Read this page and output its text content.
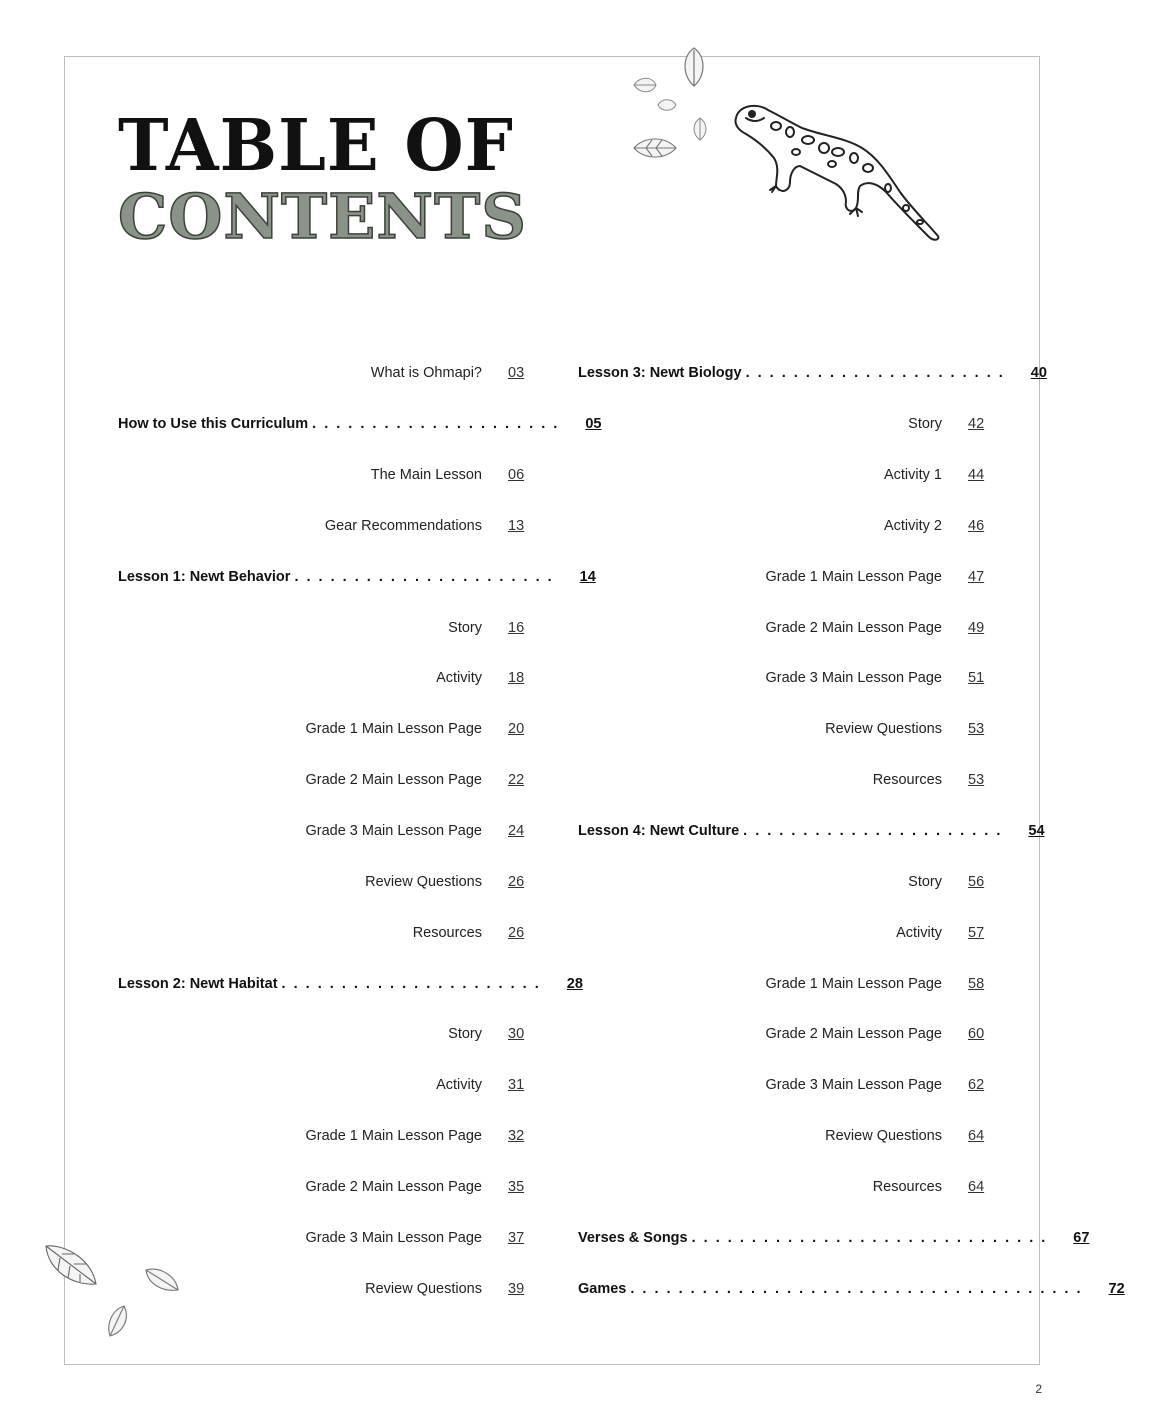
TABLE OF
CONTENTS
What is Ohmapi? 03
How to Use this Curriculum . . . . . . . . . . . . . . . . . . . . . 05
The Main Lesson 06
Gear Recommendations 13
Lesson 1: Newt Behavior . . . . . . . . . . . . . . . . . . . . . . 14
Story 16
Activity 18
Grade 1 Main Lesson Page 20
Grade 2 Main Lesson Page 22
Grade 3 Main Lesson Page 24
Review Questions 26
Resources 26
Lesson 2: Newt Habitat . . . . . . . . . . . . . . . . . . . . . . 28
Story 30
Activity 31
Grade 1 Main Lesson Page 32
Grade 2 Main Lesson Page 35
Grade 3 Main Lesson Page 37
Review Questions 39
Lesson 3: Newt Biology . . . . . . . . . . . . . . . . . . . . . . 40
Story 42
Activity 1 44
Activity 2 46
Grade 1 Main Lesson Page 47
Grade 2 Main Lesson Page 49
Grade 3 Main Lesson Page 51
Review Questions 53
Resources 53
Lesson 4: Newt Culture . . . . . . . . . . . . . . . . . . . . . . 54
Story 56
Activity 57
Grade 1 Main Lesson Page 58
Grade 2 Main Lesson Page 60
Grade 3 Main Lesson Page 62
Review Questions 64
Resources 64
Verses & Songs . . . . . . . . . . . . . . . . . . . . . . . . . . . . . . 67
Games . . . . . . . . . . . . . . . . . . . . . . . . . . . . . . . . . . . . . . 72
2
